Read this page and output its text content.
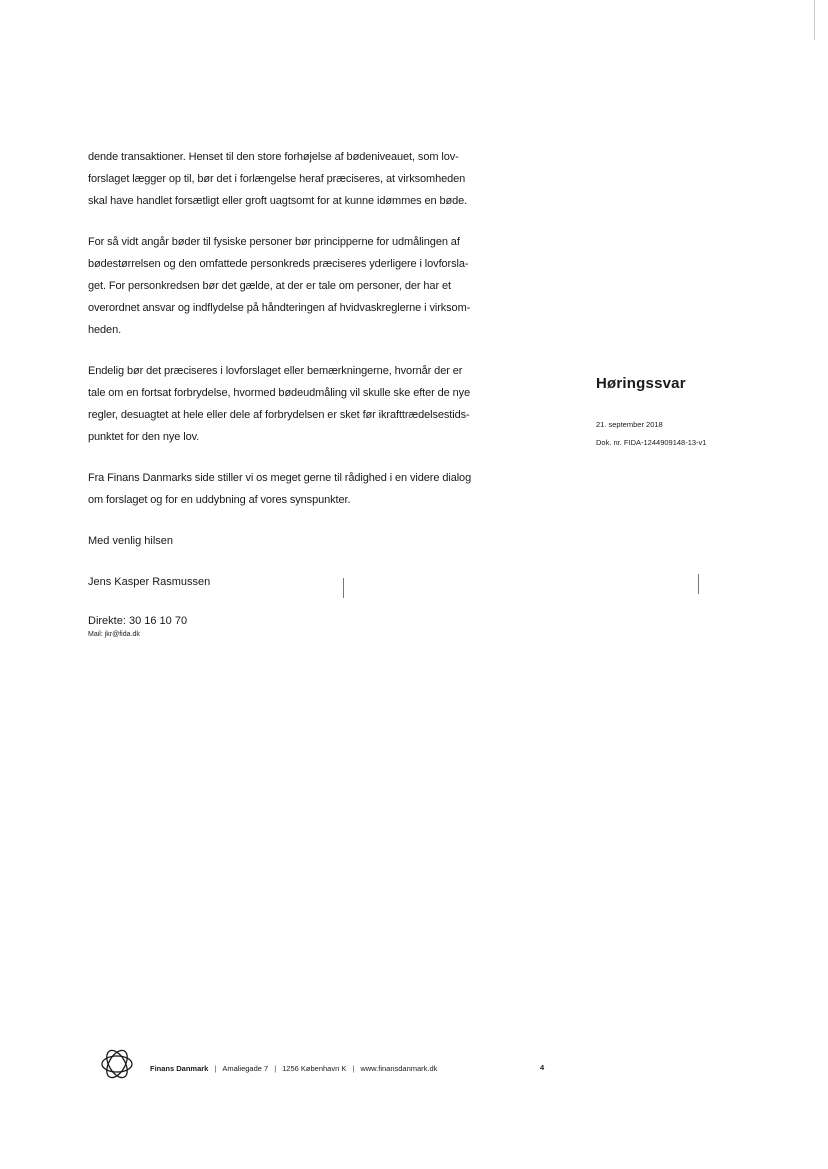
dende transaktioner. Henset til den store forhøjelse af bødeniveauet, som lov-
forslaget lægger op til, bør det i forlængelse heraf præciseres, at virksomheden
skal have handlet forsætligt eller groft uagtsomt for at kunne idømmes en bøde.

For så vidt angår bøder til fysiske personer bør principperne for udmålingen af
bødestørrelsen og den omfattede personkreds præciseres yderligere i lovforsla-
get. For personkredsen bør det gælde, at der er tale om personer, der har et
overordnet ansvar og indflydelse på håndteringen af hvidvaskreglerne i virksom-
heden.

Endelig bør det præciseres i lovforslaget eller bemærkningerne, hvornår der er
tale om en fortsat forbrydelse, hvormed bødeudmåling vil skulle ske efter de nye
regler, desuagtet at hele eller dele af forbrydelsen er sket før ikrafttrædelsestids-
punktet for den nye lov.

Fra Finans Danmarks side stiller vi os meget gerne til rådighed i en videre dialog
om forslaget og for en uddybning af vores synspunkter.

Med venlig hilsen

Jens Kasper Rasmussen

Direkte: 30 16 10 70

Mail: jkr@fida.dk

Høringssvar

21. september 2018

Dok. nr. FIDA-1244909148-13-v1

Finans Danmark | Amaliegade 7 | 1256 København K | www.finansdanmark.dk	4
